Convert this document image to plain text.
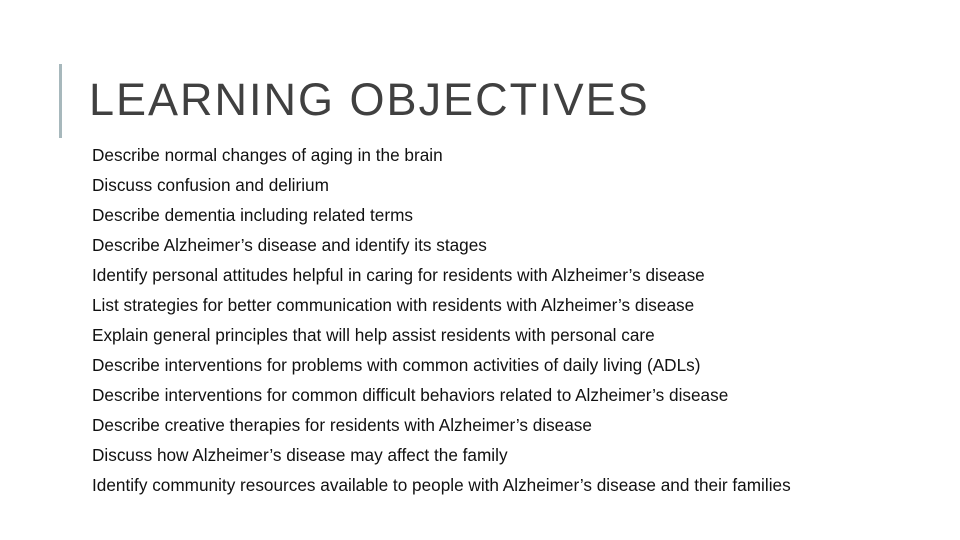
LEARNING OBJECTIVES
Describe normal changes of aging in the brain
Discuss confusion and delirium
Describe dementia including related terms
Describe Alzheimer’s disease and identify its stages
Identify personal attitudes helpful in caring for residents with Alzheimer’s disease
List strategies for better communication with residents with Alzheimer’s disease
Explain general principles that will help assist residents with personal care
Describe interventions for problems with common activities of daily living (ADLs)
Describe interventions for common difficult behaviors related to Alzheimer’s disease
Describe creative therapies for residents with Alzheimer’s disease
Discuss how Alzheimer’s disease may affect the family
Identify community resources available to people with Alzheimer’s disease and their families
